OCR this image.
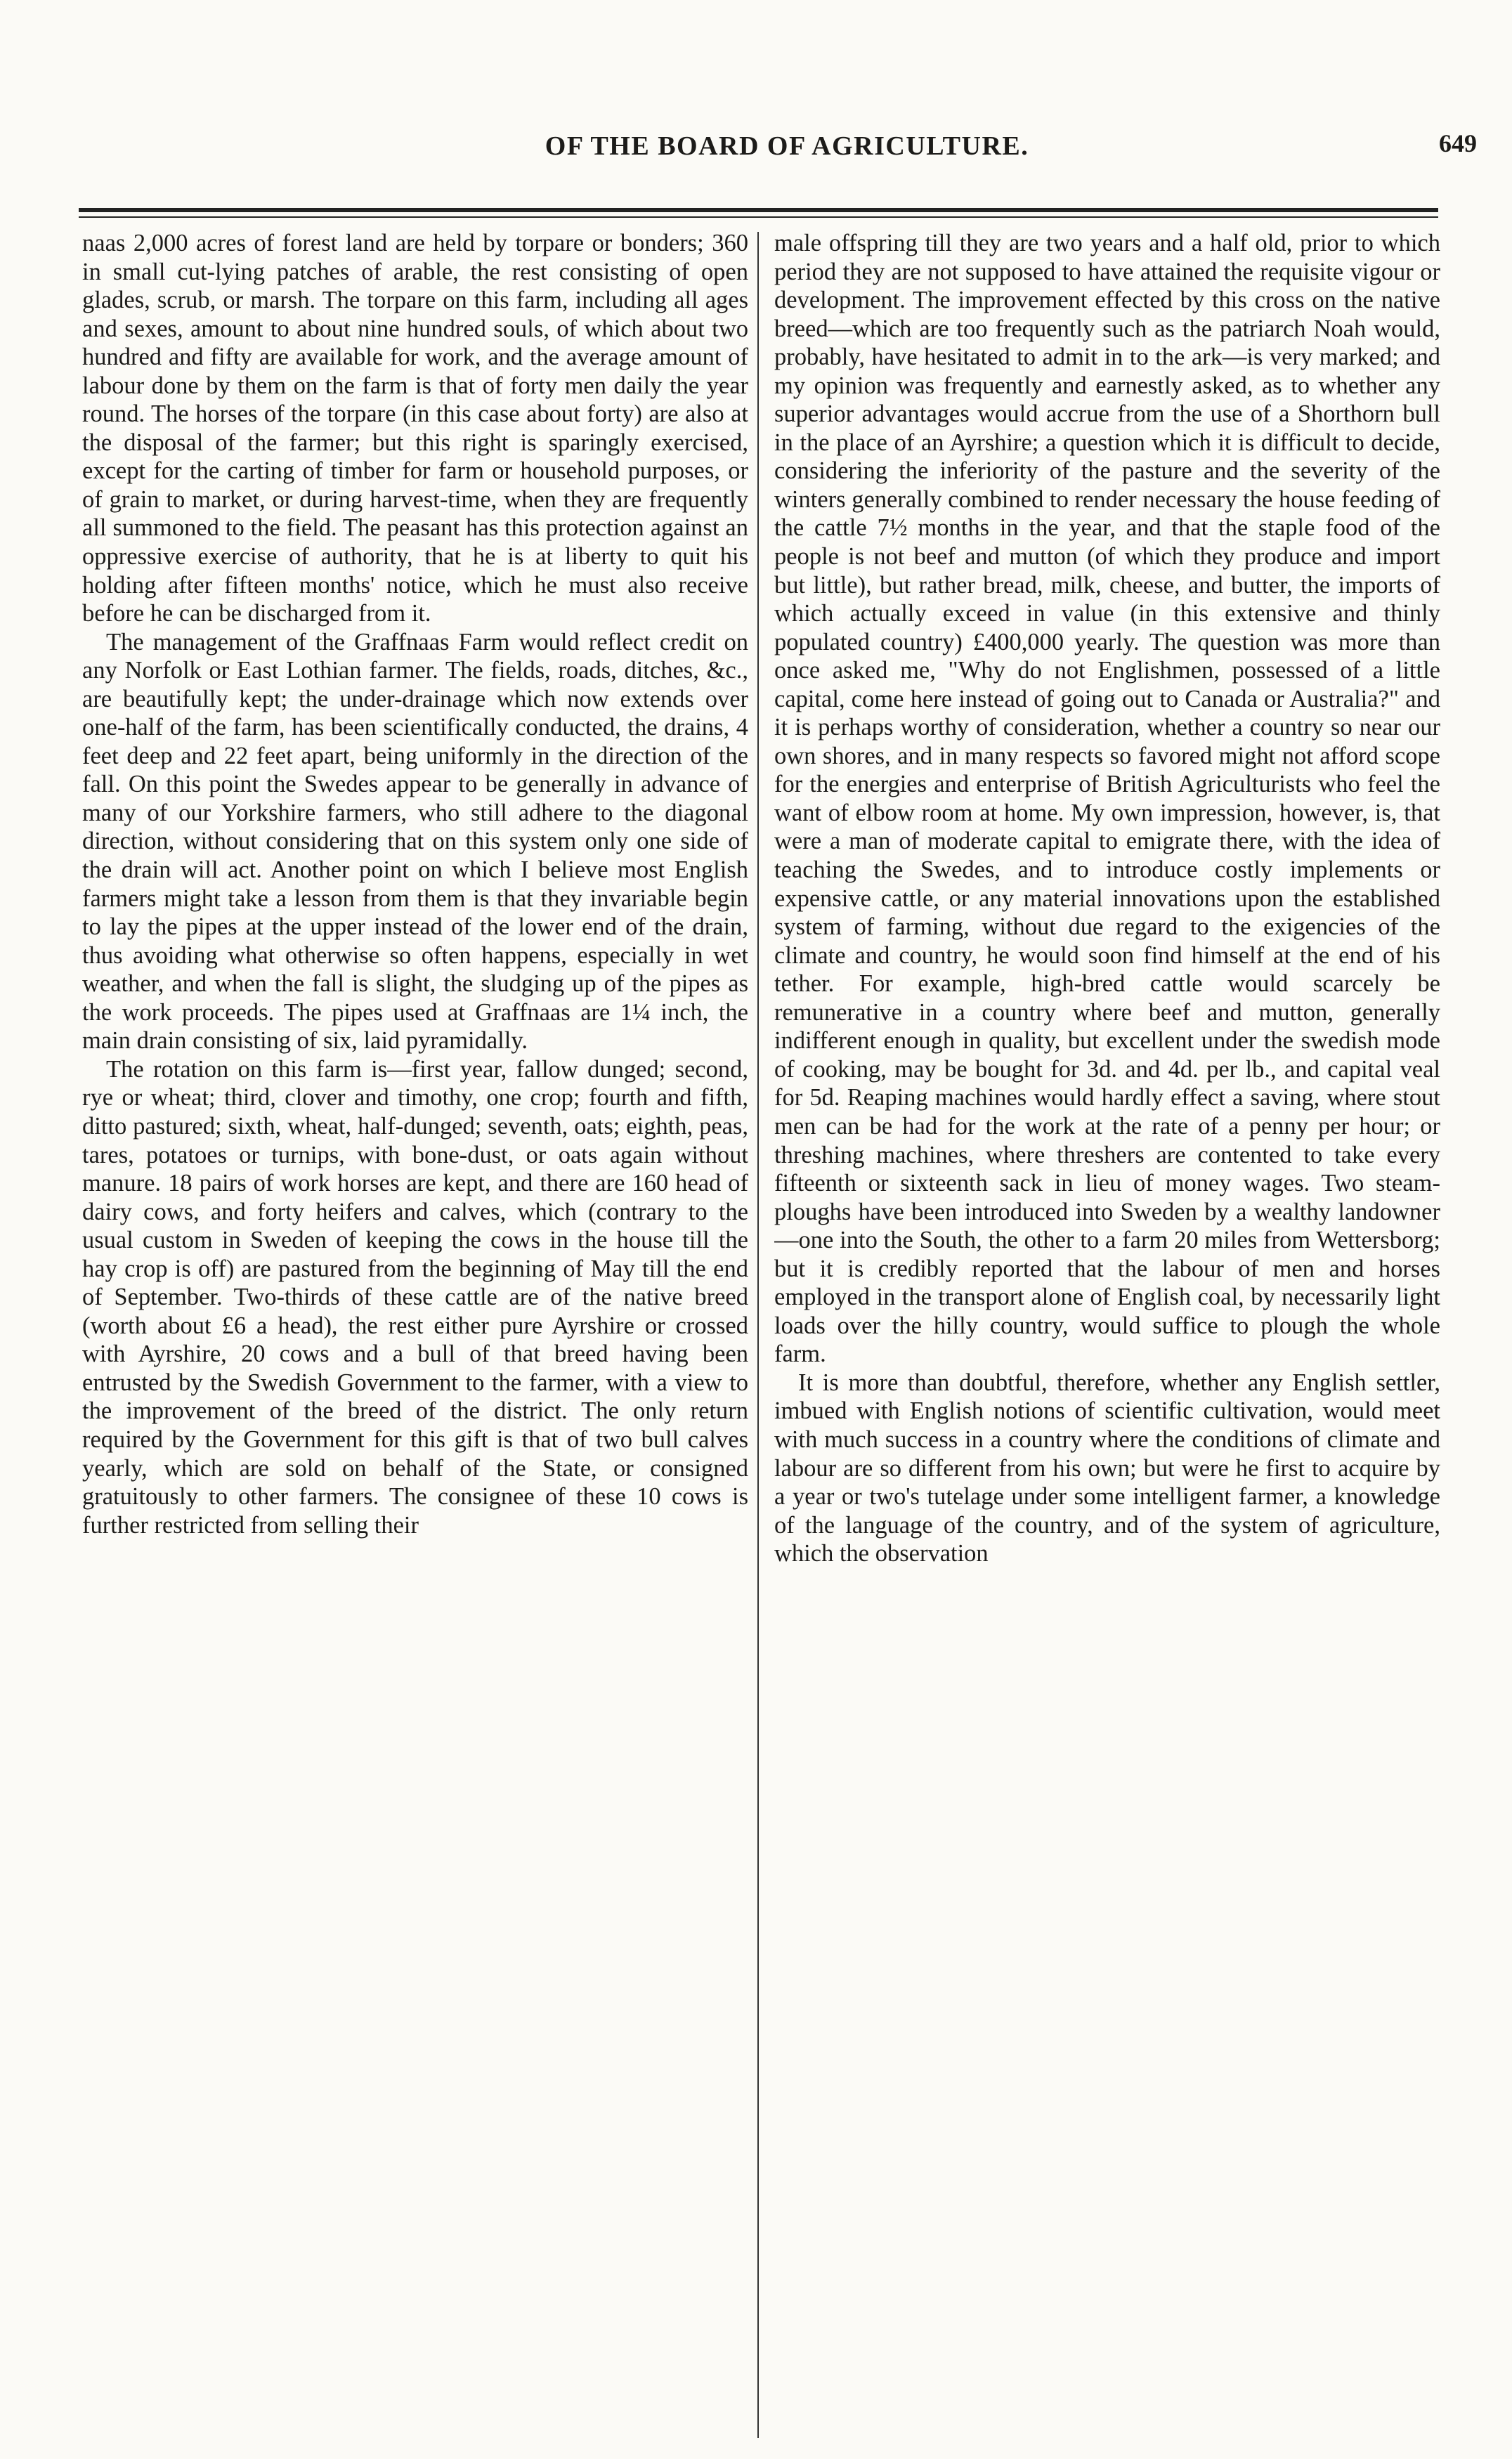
OF THE BOARD OF AGRICULTURE.	649

naas 2,000 acres of forest land are held by torpare or bonders; 360 in small cut-lying patches of arable, the rest consisting of open glades, scrub, or marsh. The torpare on this farm, including all ages and sexes, amount to about nine hundred souls, of which about two hundred and fifty are available for work, and the average amount of labour done by them on the farm is that of forty men daily the year round. The horses of the torpare (in this case about forty) are also at the disposal of the farmer; but this right is sparingly exercised, except for the carting of timber for farm or household purposes, or of grain to market, or during harvest-time, when they are frequently all summoned to the field. The peasant has this protection against an oppressive exercise of authority, that he is at liberty to quit his holding after fifteen months' notice, which he must also receive before he can be discharged from it.

The management of the Graffnaas Farm would reflect credit on any Norfolk or East Lothian farmer. The fields, roads, ditches, &c., are beautifully kept; the under-drainage which now extends over one-half of the farm, has been scientifically conducted, the drains, 4 feet deep and 22 feet apart, being uniformly in the direction of the fall. On this point the Swedes appear to be generally in advance of many of our Yorkshire farmers, who still adhere to the diagonal direction, without considering that on this system only one side of the drain will act. Another point on which I believe most English farmers might take a lesson from them is that they invariable begin to lay the pipes at the upper instead of the lower end of the drain, thus avoiding what otherwise so often happens, especially in wet weather, and when the fall is slight, the sludging up of the pipes as the work proceeds. The pipes used at Graffnaas are 1¼ inch, the main drain consisting of six, laid pyramidally.

The rotation on this farm is—first year, fallow dunged; second, rye or wheat; third, clover and timothy, one crop; fourth and fifth, ditto pastured; sixth, wheat, half-dunged; seventh, oats; eighth, peas, tares, potatoes or turnips, with bone-dust, or oats again without manure. 18 pairs of work horses are kept, and there are 160 head of dairy cows, and forty heifers and calves, which (contrary to the usual custom in Sweden of keeping the cows in the house till the hay crop is off) are pastured from the beginning of May till the end of September. Two-thirds of these cattle are of the native breed (worth about £6 a head), the rest either pure Ayrshire or crossed with Ayrshire, 20 cows and a bull of that breed having been entrusted by the Swedish Government to the farmer, with a view to the improvement of the breed of the district. The only return required by the Government for this gift is that of two bull calves yearly, which are sold on behalf of the State, or consigned gratuitously to other farmers. The consignee of these 10 cows is further restricted from selling their

male offspring till they are two years and a half old, prior to which period they are not supposed to have attained the requisite vigour or development. The improvement effected by this cross on the native breed—which are too frequently such as the patriarch Noah would, probably, have hesitated to admit in to the ark—is very marked; and my opinion was frequently and earnestly asked, as to whether any superior advantages would accrue from the use of a Shorthorn bull in the place of an Ayrshire; a question which it is difficult to decide, considering the inferiority of the pasture and the severity of the winters generally combined to render necessary the house feeding of the cattle 7½ months in the year, and that the staple food of the people is not beef and mutton (of which they produce and import but little), but rather bread, milk, cheese, and butter, the imports of which actually exceed in value (in this extensive and thinly populated country) £400,000 yearly. The question was more than once asked me, "Why do not Englishmen, possessed of a little capital, come here instead of going out to Canada or Australia?" and it is perhaps worthy of consideration, whether a country so near our own shores, and in many respects so favored might not afford scope for the energies and enterprise of British Agriculturists who feel the want of elbow room at home. My own impression, however, is, that were a man of moderate capital to emigrate there, with the idea of teaching the Swedes, and to introduce costly implements or expensive cattle, or any material innovations upon the established system of farming, without due regard to the exigencies of the climate and country, he would soon find himself at the end of his tether. For example, high-bred cattle would scarcely be remunerative in a country where beef and mutton, generally indifferent enough in quality, but excellent under the swedish mode of cooking, may be bought for 3d. and 4d. per lb., and capital veal for 5d. Reaping machines would hardly effect a saving, where stout men can be had for the work at the rate of a penny per hour; or threshing machines, where threshers are contented to take every fifteenth or sixteenth sack in lieu of money wages. Two steam-ploughs have been introduced into Sweden by a wealthy landowner—one into the South, the other to a farm 20 miles from Wettersborg; but it is credibly reported that the labour of men and horses employed in the transport alone of English coal, by necessarily light loads over the hilly country, would suffice to plough the whole farm.

It is more than doubtful, therefore, whether any English settler, imbued with English notions of scientific cultivation, would meet with much success in a country where the conditions of climate and labour are so different from his own; but were he first to acquire by a year or two's tutelage under some intelligent farmer, a knowledge of the language of the country, and of the system of agriculture, which the observation
